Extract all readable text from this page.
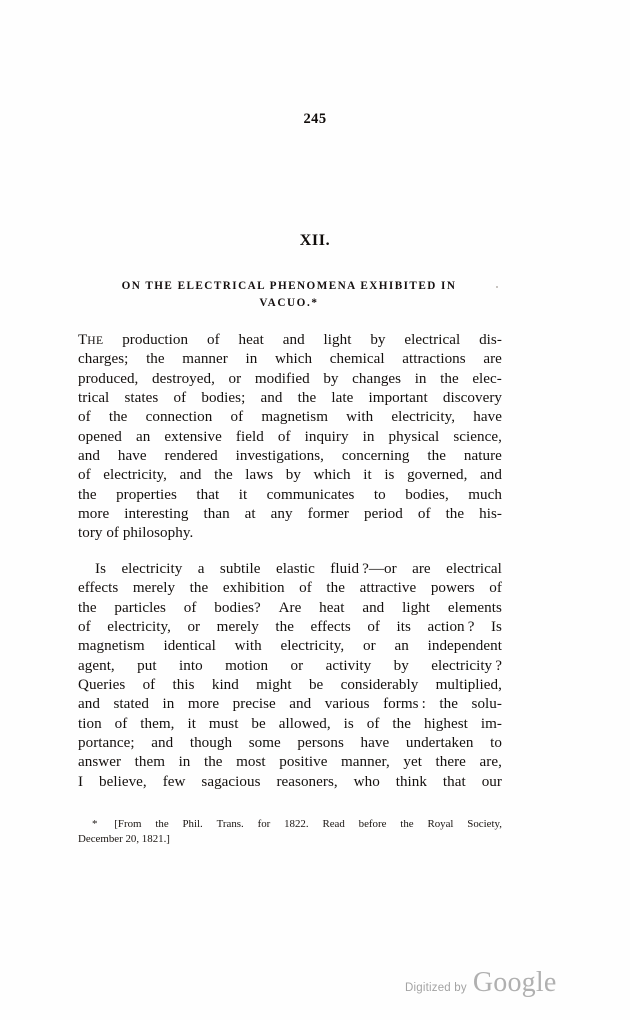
245
XII.
ON THE ELECTRICAL PHENOMENA EXHIBITED IN
VACUO.*
THE production of heat and light by electrical dis-
charges; the manner in which chemical attractions are
produced, destroyed, or modified by changes in the elec-
trical states of bodies; and the late important discovery
of the connection of magnetism with electricity, have
opened an extensive field of inquiry in physical science,
and have rendered investigations, concerning the nature
of electricity, and the laws by which it is governed, and
the properties that it communicates to bodies, much
more interesting than at any former period of the his-
tory of philosophy.
Is electricity a subtile elastic fluid ?—or are electrical
effects merely the exhibition of the attractive powers of
the particles of bodies? Are heat and light elements
of electricity, or merely the effects of its action ? Is
magnetism identical with electricity, or an independent
agent, put into motion or activity by electricity ?
Queries of this kind might be considerably multiplied,
and stated in more precise and various forms : the solu-
tion of them, it must be allowed, is of the highest im-
portance; and though some persons have undertaken to
answer them in the most positive manner, yet there are,
I believe, few sagacious reasoners, who think that our
* [From the Phil. Trans. for 1822. Read before the Royal Society,
December 20, 1821.]
Digitized by Google
